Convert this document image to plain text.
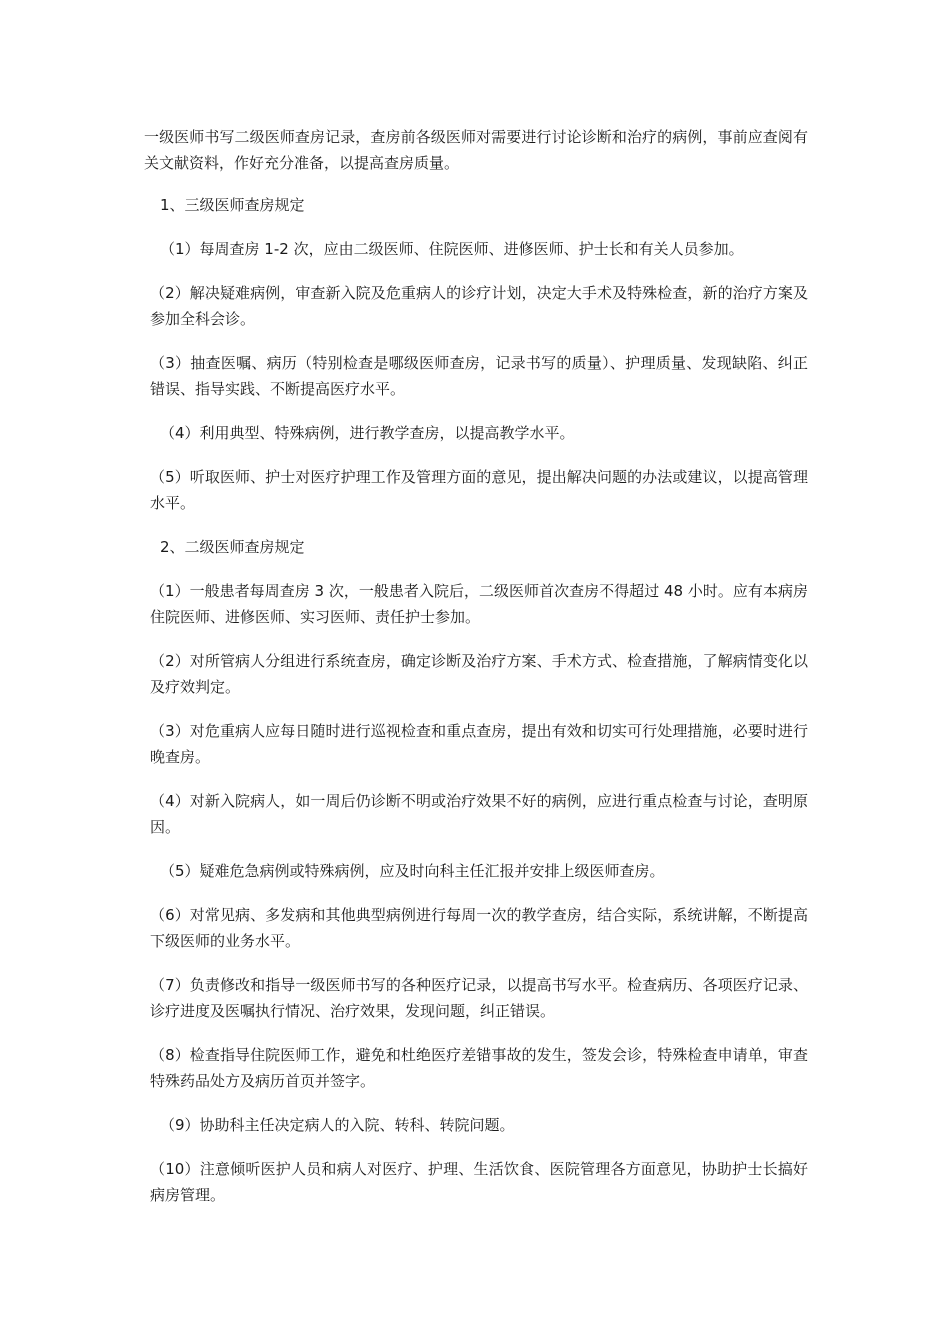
一级医师书写二级医师查房记录，查房前各级医师对需要进行讨论诊断和治疗的病例，事前应查阅有关文献资料，作好充分准备，以提高查房质量。

1、三级医师查房规定

（1）每周查房 1-2 次，应由二级医师、住院医师、进修医师、护士长和有关人员参加。

（2）解决疑难病例，审查新入院及危重病人的诊疗计划，决定大手术及特殊检查，新的治疗方案及参加全科会诊。

（3）抽查医嘱、病历（特别检查是哪级医师查房，记录书写的质量）、护理质量、发现缺陷、纠正错误、指导实践、不断提高医疗水平。

（4）利用典型、特殊病例，进行教学查房，以提高教学水平。

（5）听取医师、护士对医疗护理工作及管理方面的意见，提出解决问题的办法或建议，以提高管理水平。

2、二级医师查房规定

（1）一般患者每周查房 3 次，一般患者入院后，二级医师首次查房不得超过 48 小时。应有本病房住院医师、进修医师、实习医师、责任护士参加。

（2）对所管病人分组进行系统查房，确定诊断及治疗方案、手术方式、检查措施，了解病情变化以及疗效判定。

（3）对危重病人应每日随时进行巡视检查和重点查房，提出有效和切实可行处理措施，必要时进行晚查房。

（4）对新入院病人，如一周后仍诊断不明或治疗效果不好的病例，应进行重点检查与讨论，查明原因。

（5）疑难危急病例或特殊病例，应及时向科主任汇报并安排上级医师查房。

（6）对常见病、多发病和其他典型病例进行每周一次的教学查房，结合实际，系统讲解，不断提高下级医师的业务水平。

（7）负责修改和指导一级医师书写的各种医疗记录，以提高书写水平。检查病历、各项医疗记录、诊疗进度及医嘱执行情况、治疗效果，发现问题，纠正错误。

（8）检查指导住院医师工作，避免和杜绝医疗差错事故的发生，签发会诊，特殊检查申请单，审查特殊药品处方及病历首页并签字。

（9）协助科主任决定病人的入院、转科、转院问题。

（10）注意倾听医护人员和病人对医疗、护理、生活饮食、医院管理各方面意见，协助护士长搞好病房管理。
